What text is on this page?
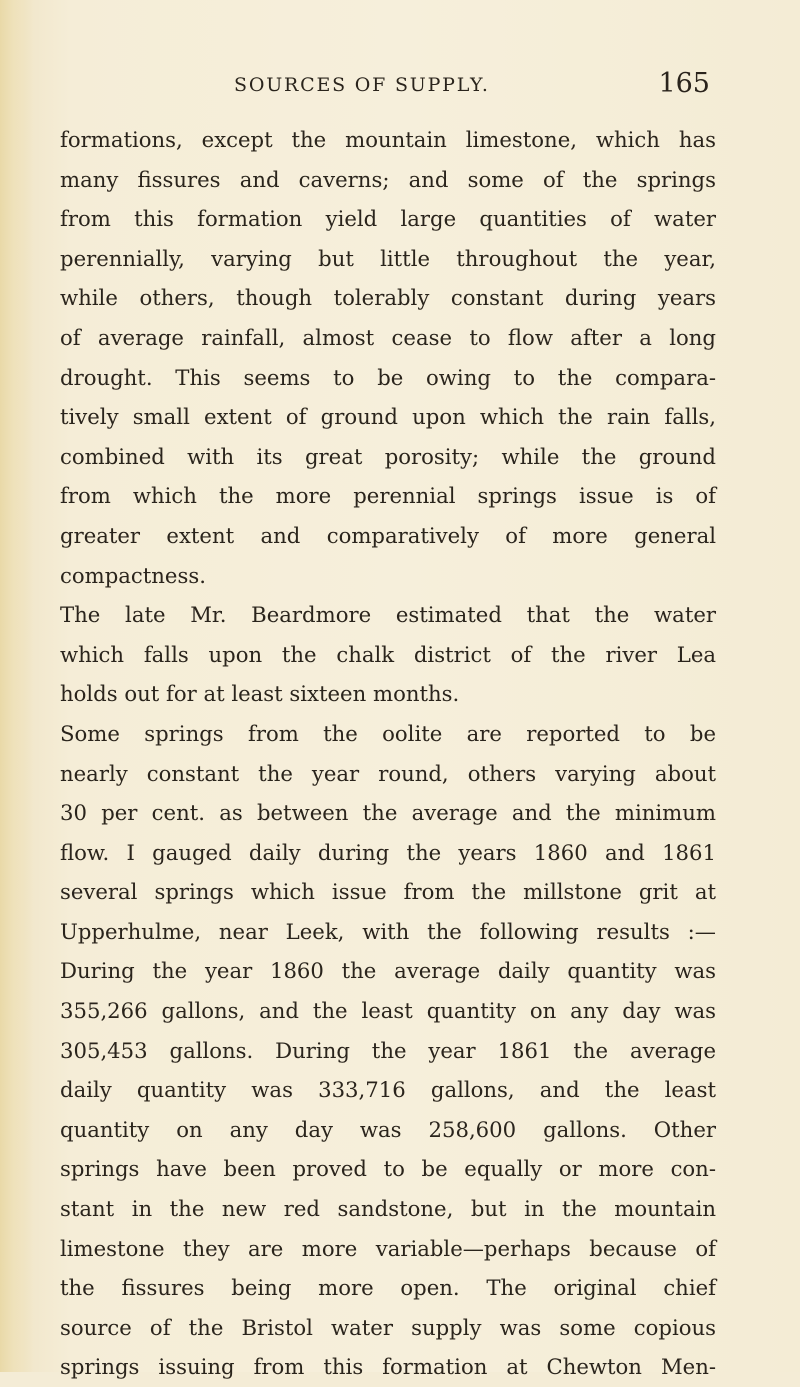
SOURCES OF SUPPLY.	165
formations, except the mountain limestone, which has
many fissures and caverns; and some of the springs
from this formation yield large quantities of water
perennially, varying but little throughout the year,
while others, though tolerably constant during years
of average rainfall, almost cease to flow after a long
drought. This seems to be owing to the compara-
tively small extent of ground upon which the rain falls,
combined with its great porosity; while the ground
from which the more perennial springs issue is of
greater extent and comparatively of more general
compactness.
The late Mr. Beardmore estimated that the water
which falls upon the chalk district of the river Lea
holds out for at least sixteen months.
Some springs from the oolite are reported to be
nearly constant the year round, others varying about
30 per cent. as between the average and the minimum
flow. I gauged daily during the years 1860 and 1861
several springs which issue from the millstone grit at
Upperhulme, near Leek, with the following results :—
During the year 1860 the average daily quantity was
355,266 gallons, and the least quantity on any day was
305,453 gallons. During the year 1861 the average
daily quantity was 333,716 gallons, and the least
quantity on any day was 258,600 gallons. Other
springs have been proved to be equally or more con-
stant in the new red sandstone, but in the mountain
limestone they are more variable—perhaps because of
the fissures being more open. The original chief
source of the Bristol water supply was some copious
springs issuing from this formation at Chewton Men-
